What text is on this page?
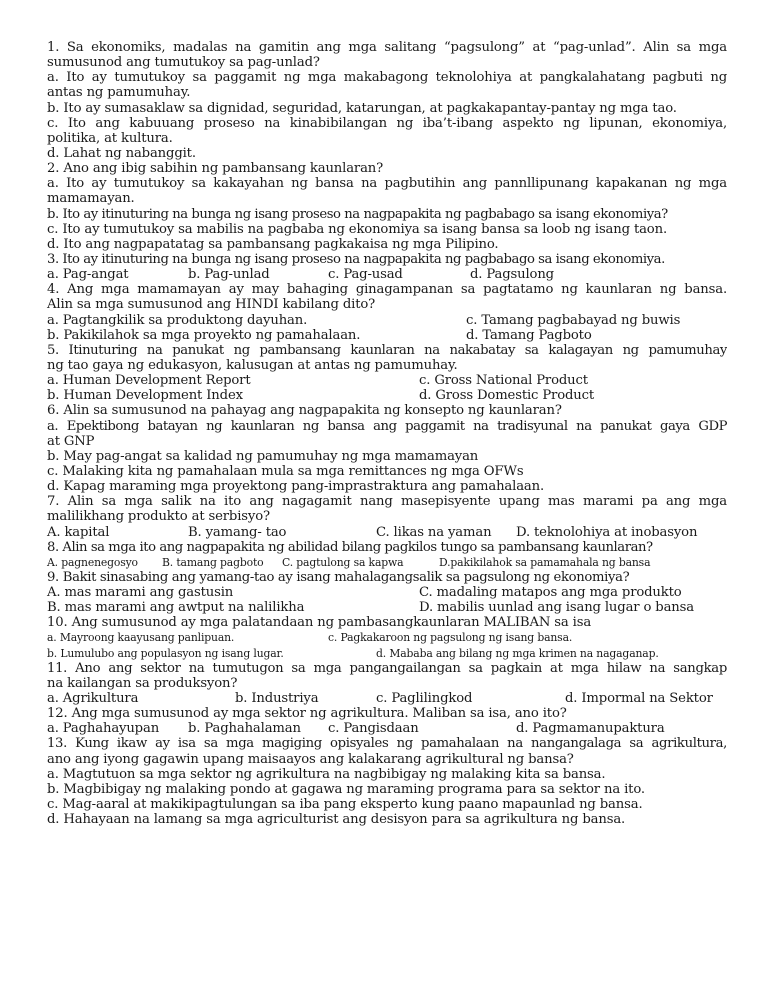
1. Sa ekonomiks, madalas na gamitin ang mga salitang “pagsulong” at “pag-unlad”. Alin sa mga
sumusunod ang tumutukoy sa pag-unlad?
a. Ito ay tumutukoy sa paggamit ng mga makabagong teknolohiya at pangkalahatang pagbuti ng
antas ng pamumuhay.
b. Ito ay sumasaklaw sa dignidad, seguridad, katarungan, at pagkakapantay-pantay ng mga tao.
c. Ito ang kabuuang proseso na kinabibilangan ng iba’t-ibang aspekto ng lipunan, ekonomiya,
politika, at kultura.
d. Lahat ng nabanggit.
2. Ano ang ibig sabihin ng pambansang kaunlaran?
a. Ito ay tumutukoy sa kakayahan ng bansa na pagbutihin ang pannllipunang kapakanan ng mga
mamamayan.
b. Ito ay itinuturing na bunga ng isang proseso na nagpapakita ng pagbabago sa isang ekonomiya?
c. Ito ay tumutukoy sa mabilis na pagbaba ng ekonomiya sa isang bansa sa loob ng isang taon.
d. Ito ang nagpapatatag sa pambansang pagkakaisa ng mga Pilipino.
3. Ito ay itinuturing na bunga ng isang proseso na nagpapakita ng pagbabago sa isang ekonomiya.
a. Pag-angat	b. Pag-unlad	c. Pag-usad	d. Pagsulong
4. Ang mga mamamayan ay may bahaging ginagampanan sa pagtatamo ng kaunlaran ng bansa.
Alin sa mga sumusunod ang HINDI kabilang dito?
a. Pagtangkilik sa produktong dayuhan.	c. Tamang pagbabayad ng buwis
b. Pakikilahok sa mga proyekto ng pamahalaan.	d. Tamang Pagboto
5. Itinuturing na panukat ng pambansang kaunlaran na nakabatay sa kalagayan ng pamumuhay
ng tao gaya ng edukasyon, kalusugan at antas ng pamumuhay.
a. Human Development Report	c. Gross National Product
b. Human Development Index	d. Gross Domestic Product
6. Alin sa sumusunod na pahayag ang nagpapakita ng konsepto ng kaunlaran?
a. Epektibong batayan ng kaunlaran ng bansa ang paggamit na tradisyunal na panukat gaya GDP
at GNP
b. May pag-angat sa kalidad ng pamumuhay ng mga mamamayan
c. Malaking kita ng pamahalaan mula sa mga remittances ng mga OFWs
d. Kapag maraming mga proyektong pang-imprastraktura ang pamahalaan.
7. Alin sa mga salik na ito ang nagagamit nang masepisyente upang mas marami pa ang mga
malilikhang produkto at serbisyo?
A. kapital	B. yamang- tao	C. likas na yaman D. teknolohiya at inobasyon
8. Alin sa mga ito ang nagpapakita ng abilidad bilang pagkilos tungo sa pambansang kaunlaran?
A. pagnenegosyo B. tamang pagboto C. pagtulong sa kapwa	D.pakikilahok sa pamamahala ng bansa
9. Bakit sinasabing ang yamang-tao ay isang mahalagangsalik sa pagsulong ng ekonomiya?
A. mas marami ang gastusin	C. madaling matapos ang mga produkto
B. mas marami ang awtput na nalilikha	D. mabilis uunlad ang isang lugar o bansa
10. Ang sumusunod ay mga palatandaan ng pambasangkaunlaran MALIBAN sa isa
a. Mayroong kaayusang panlipuan.	c. Pagkakaroon ng pagsulong ng isang bansa.
b. Lumulubo ang populasyon ng isang lugar.	d. Mababa ang bilang ng mga krimen na nagaganap.
11. Ano ang sektor na tumutugon sa mga pangangailangan sa pagkain at mga hilaw na sangkap
na kailangan sa produksyon?
a. Agrikultura	b. Industriya	c. Paglilingkod	d. Impormal na Sektor
12. Ang mga sumusunod ay mga sektor ng agrikultura. Maliban sa isa, ano ito?
a. Paghahayupan b. Paghahalaman c. Pangisdaan	d. Pagmamanupaktura
13. Kung ikaw ay isa sa mga magiging opisyales ng pamahalaan na nangangalaga sa agrikultura,
ano ang iyong gagawin upang maisaayos ang kalakarang agrikultural ng bansa?
a. Magtutuon sa mga sektor ng agrikultura na nagbibigay ng malaking kita sa bansa.
b. Magbibigay ng malaking pondo at gagawa ng maraming programa para sa sektor na ito.
c. Mag-aaral at makikipagtulungan sa iba pang eksperto kung paano mapaunlad ng bansa.
d. Hahayaan na lamang sa mga agriculturist ang desisyon para sa agrikultura ng bansa.
